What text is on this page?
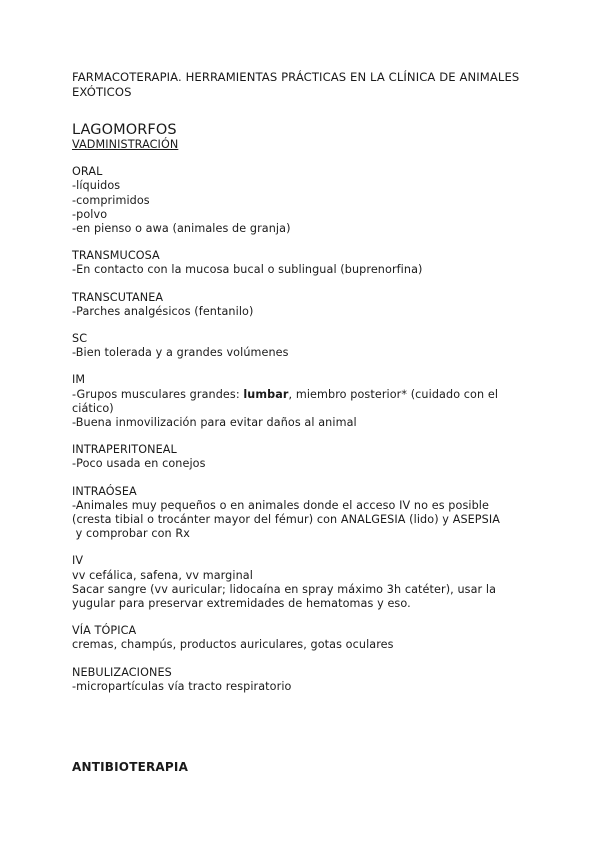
FARMACOTERAPIA. HERRAMIENTAS PRÁCTICAS EN LA CLÍNICA DE ANIMALES EXÓTICOS

LAGOMORFOS
VADMINISTRACIÓN
ORAL
-líquidos
-comprimidos
-polvo
-en pienso o awa (animales de granja)
TRANSMUCOSA
-En contacto con la mucosa bucal o sublingual (buprenorfina)
TRANSCUTANEA
-Parches analgésicos (fentanilo)
SC
-Bien tolerada y a grandes volúmenes
IM
-Grupos musculares grandes: lumbar, miembro posterior* (cuidado con el ciático)
-Buena inmovilización para evitar daños al animal
INTRAPERITONEAL
-Poco usada en conejos
INTRAÓSEA
-Animales muy pequeños o en animales donde el acceso IV no es posible (cresta tibial o trocánter mayor del fémur) con ANALGESIA (lido) y ASEPSIA
y comprobar con Rx
IV
vv cefálica, safena, vv marginal
Sacar sangre (vv auricular; lidocaína en spray máximo 3h catéter), usar la yugular para preservar extremidades de hematomas y eso.
VÍA TÓPICA
cremas, champús, productos auriculares, gotas oculares
NEBULIZACIONES
-micropartículas vía tracto respiratorio
ANTIBIOTERAPIA
